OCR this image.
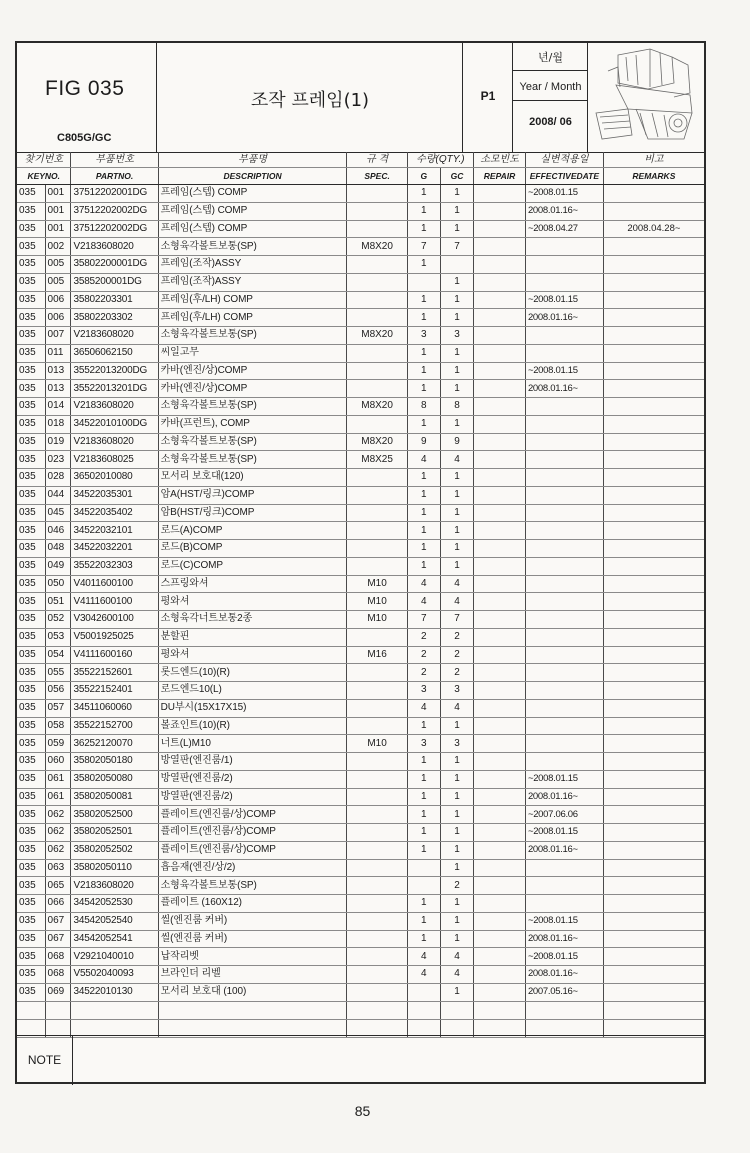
FIG 035
C805G/GC
조작 프레임(1)	P1
년/월
Year / Month
2008/ 06
찾기번호		부품번호	부품명	규 격	수량(QTY.)		소모빈도	실변적용일	비고
KEYNO.		PARTNO.	DESCRIPTION	SPEC.	G	GC	REPAIR	EFFECTIVEDATE	REMARKS
035	001	37512202001DG	프레임(스텝) COMP		1	1		~2008.01.15	
035	001	37512202002DG	프레임(스텝) COMP		1	1		2008.01.16~	
035	001	37512202002DG	프레임(스텝) COMP		1	1		~2008.04.27	2008.04.28~
035	002	V2183608020	소형육각볼트보통(SP)	M8X20	7	7			
035	005	35802200001DG	프레임(조작)ASSY		1				
035	005	3585200001DG	프레임(조작)ASSY			1			
035	006	35802203301	프레임(후/LH) COMP		1	1		~2008.01.15	
035	006	35802203302	프레임(후/LH) COMP		1	1		2008.01.16~	
035	007	V2183608020	소형육각볼트보통(SP)	M8X20	3	3			
035	011	36506062150	씨일고무		1	1			
035	013	35522013200DG	카바(엔진/상)COMP		1	1		~2008.01.15	
035	013	35522013201DG	카바(엔진/상)COMP		1	1		2008.01.16~	
035	014	V2183608020	소형육각볼트보통(SP)	M8X20	8	8			
035	018	34522010100DG	카바(프런트), COMP		1	1			
035	019	V2183608020	소형육각볼트보통(SP)	M8X20	9	9			
035	023	V2183608025	소형육각볼트보통(SP)	M8X25	4	4			
035	028	36502010080	모서리 보호대(120)		1	1			
035	044	34522035301	암A(HST/링크)COMP		1	1			
035	045	34522035402	암B(HST/링크)COMP		1	1			
035	046	34522032101	로드(A)COMP		1	1			
035	048	34522032201	로드(B)COMP		1	1			
035	049	35522032303	로드(C)COMP		1	1			
035	050	V4011600100	스프링와셔	M10	4	4			
035	051	V4111600100	평와셔	M10	4	4			
035	052	V3042600100	소형육각너트보통2종	M10	7	7			
035	053	V5001925025	분할핀		2	2			
035	054	V4111600160	평와셔	M16	2	2			
035	055	35522152601	롯드엔드(10)(R)		2	2			
035	056	35522152401	로드엔드10(L)		3	3			
035	057	34511060060	DU부시(15X17X15)		4	4			
035	058	35522152700	볼죠인트(10)(R)		1	1			
035	059	36252120070	너트(L)M10	M10	3	3			
035	060	35802050180	방열판(엔진룸/1)		1	1			
035	061	35802050080	방열판(엔진룸/2)		1	1		~2008.01.15	
035	061	35802050081	방열판(엔진룸/2)		1	1		2008.01.16~	
035	062	35802052500	플레이트(엔진룸/상)COMP		1	1		~2007.06.06	
035	062	35802052501	플레이트(엔진룸/상)COMP		1	1		~2008.01.15	
035	062	35802052502	플레이트(엔진룸/상)COMP		1	1		2008.01.16~	
035	063	35802050110	흡음재(엔진/상/2)			1			
035	065	V2183608020	소형육각볼트보통(SP)			2			
035	066	34542052530	플레이트 (160X12)		1	1			
035	067	34542052540	씰(엔진룸 커버)		1	1		~2008.01.15	
035	067	34542052541	씰(엔진룸 커버)		1	1		2008.01.16~	
035	068	V2921040010	납작리벳		4	4		~2008.01.15	
035	068	V5502040093	브라인더 리벨		4	4		2008.01.16~	
035	069	34522010130	모서리 보호대 (100)			1		2007.05.16~	

NOTE
85
